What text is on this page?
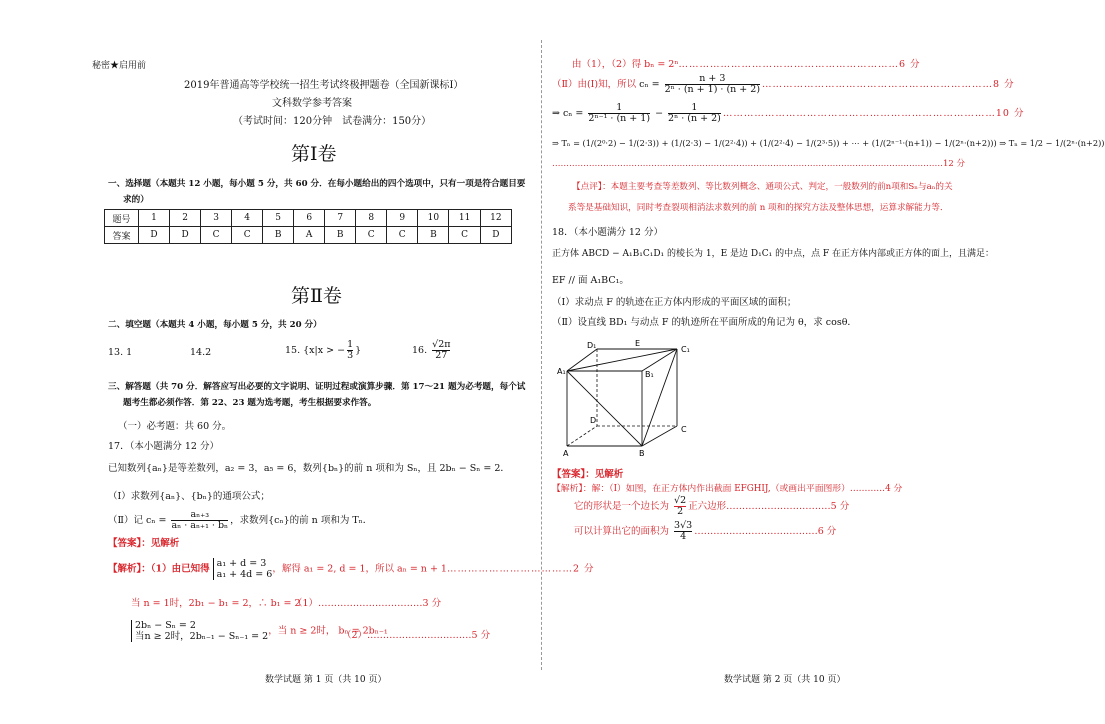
秘密★启用前
2019年普通高等学校统一招生考试终极押题卷（全国新课标Ⅰ）
文科数学参考答案
（考试时间：120分钟　试卷满分：150分）
第Ⅰ卷
一、选择题（本题共 12 小题，每小题 5 分，共 60 分．在每小题给出的四个选项中，只有一项是符合题目要
求的）
题号	1	2	3	4	5	6	7	8	9	10	11	12
答案	D	D	C	C	B	A	B	C	C	B	C	D
第Ⅱ卷
二、填空题（本题共 4 小题，每小题 5 分，共 20 分）
13. 1	14.2	15. {x|x > − $\frac{1}{3}$ }	16. $\frac{√2\pi}{27}$
三、解答题（共 70 分．解答应写出必要的文字说明、证明过程或演算步骤．第 17～21 题为必考题，每个试
题考生都必须作答．第 22、23 题为选考题，考生根据要求作答。
（一）必考题：共 60 分。
17．（本小题满分 12 分）
已知数列{aₙ}是等差数列，a₂ = 3，a₅ = 6，数列{bₙ}的前 n 项和为 Sₙ，且 2bₙ − Sₙ = 2．
（Ⅰ）求数列{aₙ}、{bₙ}的通项公式；
（Ⅱ）记 $c_n = \frac{\text{aₙ₊₃}}{\text{aₙ · aₙ₊₁ · bₙ}}$ ，求数列{cₙ}的前 n 项和为 Tₙ．
【答案】：见解析
【解析】：（1）由已知得 a₁ + d = 3
a₁ + 4d = 6 ，解得 a₁ = 2, d = 1，所以 aₙ = n + 1………………………………2 分
当 n = 1时，2b₁ − b₁ = 2，∴ b₁ = 2
（1）……………………………3 分
2bₙ − Sₙ = 2
当n ≥ 2时，2bₙ₋₁ − Sₙ₋₁ = 2 ，当 n ≥ 2时， bₙ = 2bₙ₋₁
（2）……………………………5 分
数学试题 第 1 页（共 10 页）
由（1），（2）得 bₙ = 2ⁿ………………………………………………………6 分
（Ⅱ）由(Ⅰ)知，所以 $c_n = \frac{n + 3}{\text{2ⁿ · (n + 1) · (n + 2)}}$ …………………………………………………………8 分
⇒ $c_n = \frac{1}{\text{2ⁿ⁻¹ · (n + 1)}} - \frac{1}{\text{2ⁿ · (n + 2)}}$ ……………………………………………………………………10 分
⇒ Tₙ = (1/(2⁰·2) − 1/(2·3)) + (1/(2·3) − 1/(2²·4)) + (1/(2²·4) − 1/(2³·5)) + ⋯ + (1/(2ⁿ⁻¹·(n+1)) − 1/(2ⁿ·(n+2))) ⇒ Tₙ = 1/2 − 1/(2ⁿ·(n+2))
…………………………………………………………………………………………………………………………12 分
【点评】：本题主要考查等差数列、等比数列概念、通项公式、判定，一般数列的前n项和Sₙ与aₙ的关
系等是基础知识，同时考查裂项相消法求数列的前 n 项和的探究方法及整体思想，运算求解能力等．
18．（本小题满分 12 分）
正方体 ABCD − A₁B₁C₁D₁ 的棱长为 1，E 是边 D₁C₁ 的中点，点 F 在正方体内部或正方体的面上，且满足：
EF // 面 A₁BC₁。
（Ⅰ）求动点 F 的轨迹在正方体内形成的平面区域的面积；
（Ⅱ）设直线 BD₁ 与动点 F 的轨迹所在平面所成的角记为 θ，求 cosθ．
D₁	E
C₁
A₁	B₁
D
C
A	B
【答案】：见解析
【解析】：解：（Ⅰ）如图，在正方体内作出截面 EFGHIJ,（或画出平面图形）…………4 分
它的形状是一个边长为 $\frac{√2}{2}$ 正六边形……………………………5 分
可以计算出它的面积为 $\frac{3√3}{4}$ …………………………………6 分
数学试题 第 2 页（共 10 页）
